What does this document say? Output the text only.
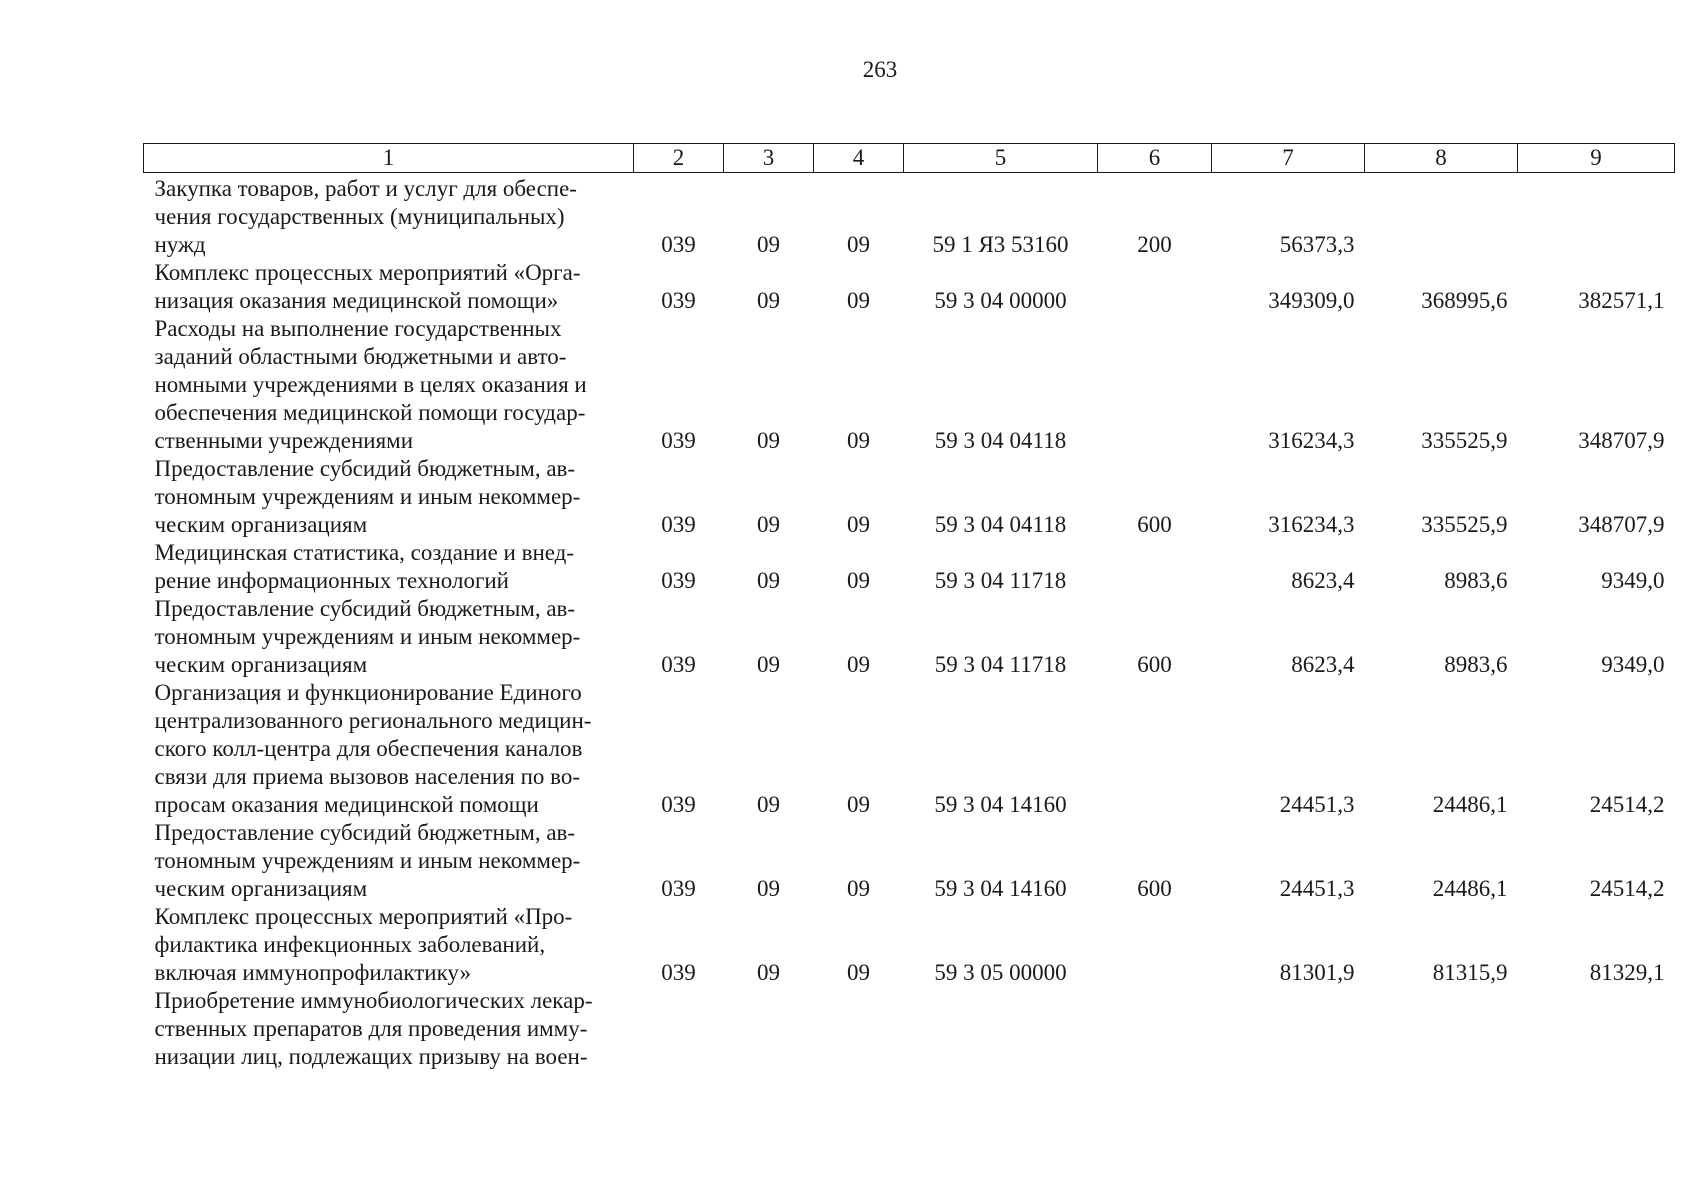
263
1	2	3	4	5	6	7	8	9
Закупка товаров, работ и услуг для обеспе-
чения государственных (муниципальных)
нужд	039	09	09	59 1 Я3 53160	200	56373,3		
Комплекс процессных мероприятий «Орга-
низация оказания медицинской помощи»	039	09	09	59 3 04 00000		349309,0	368995,6	382571,1
Расходы на выполнение государственных
заданий областными бюджетными и авто-
номными учреждениями в целях оказания и
обеспечения медицинской помощи государ-
ственными учреждениями	039	09	09	59 3 04 04118		316234,3	335525,9	348707,9
Предоставление субсидий бюджетным, ав-
тономным учреждениям и иным некоммер-
ческим организациям	039	09	09	59 3 04 04118	600	316234,3	335525,9	348707,9
Медицинская статистика, создание и внед-
рение информационных технологий	039	09	09	59 3 04 11718		8623,4	8983,6	9349,0
Предоставление субсидий бюджетным, ав-
тономным учреждениям и иным некоммер-
ческим организациям	039	09	09	59 3 04 11718	600	8623,4	8983,6	9349,0
Организация и функционирование Единого
централизованного регионального медицин-
ского колл-центра для обеспечения каналов
связи для приема вызовов населения по во-
просам оказания медицинской помощи	039	09	09	59 3 04 14160		24451,3	24486,1	24514,2
Предоставление субсидий бюджетным, ав-
тономным учреждениям и иным некоммер-
ческим организациям	039	09	09	59 3 04 14160	600	24451,3	24486,1	24514,2
Комплекс процессных мероприятий «Про-
филактика инфекционных заболеваний,
включая иммунопрофилактику»	039	09	09	59 3 05 00000		81301,9	81315,9	81329,1
Приобретение иммунобиологических лекар-
ственных препаратов для проведения имму-
низации лиц, подлежащих призыву на воен-								
